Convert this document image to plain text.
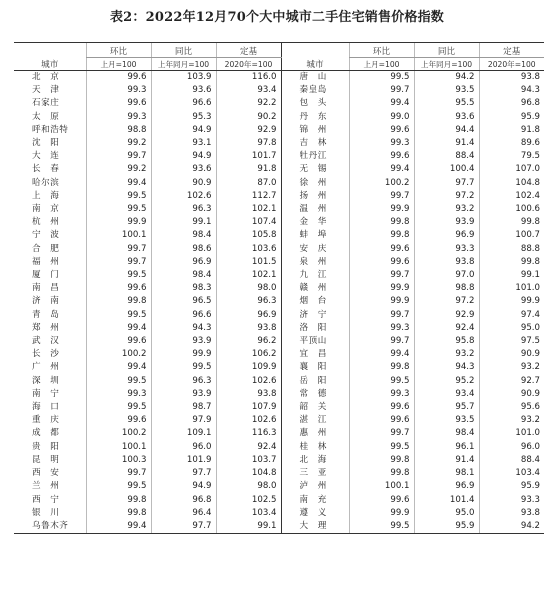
表2：2022年12月70个大中城市二手住宅销售价格指数
城市	环比	同比	定基	城市	环比	同比	定基
	上月=100	上年同月=100	2020年=100		上月=100	上年同月=100	2020年=100
北　京	99.6	103.9	116.0	唐　山	99.5	94.2	93.8
天　津	99.3	93.6	93.4	秦皇岛	99.7	93.5	94.3
石家庄	99.6	96.6	92.2	包　头	99.4	95.5	96.8
太　原	99.3	95.3	90.2	丹　东	99.0	93.6	95.9
呼和浩特	98.8	94.9	92.9	锦　州	99.6	94.4	91.8
沈　阳	99.2	93.1	97.8	吉　林	99.3	91.4	89.6
大　连	99.7	94.9	101.7	牡丹江	99.6	88.4	79.5
长　春	99.2	93.6	91.8	无　锡	99.4	100.4	107.0
哈尔滨	99.4	90.9	87.0	徐　州	100.2	97.7	104.8
上　海	99.5	102.6	112.7	扬　州	99.7	97.2	102.4
南　京	99.5	96.3	102.1	温　州	99.9	93.2	100.6
杭　州	99.9	99.1	107.4	金　华	99.8	93.9	99.8
宁　波	100.1	98.4	105.8	蚌　埠	99.8	96.9	100.7
合　肥	99.7	98.6	103.6	安　庆	99.6	93.3	88.8
福　州	99.7	96.9	101.5	泉　州	99.6	93.8	99.8
厦　门	99.5	98.4	102.1	九　江	99.7	97.0	99.1
南　昌	99.6	98.3	98.0	赣　州	99.9	98.8	101.0
济　南	99.8	96.5	96.3	烟　台	99.9	97.2	99.9
青　岛	99.5	96.6	96.9	济　宁	99.7	92.9	97.4
郑　州	99.4	94.3	93.8	洛　阳	99.3	92.4	95.0
武　汉	99.6	93.9	96.2	平顶山	99.7	95.8	97.5
长　沙	100.2	99.9	106.2	宜　昌	99.4	93.2	90.9
广　州	99.4	99.5	109.9	襄　阳	99.8	94.3	93.2
深　圳	99.5	96.3	102.6	岳　阳	99.5	95.2	92.7
南　宁	99.3	93.9	93.8	常　德	99.3	93.4	90.9
海　口	99.5	98.7	107.9	韶　关	99.6	95.7	95.6
重　庆	99.6	97.9	102.6	湛　江	99.6	93.5	93.2
成　都	100.2	109.1	116.3	惠　州	99.7	98.4	101.0
贵　阳	100.1	96.0	92.4	桂　林	99.5	96.1	96.0
昆　明	100.3	101.9	103.7	北　海	99.8	91.4	88.4
西　安	99.7	97.7	104.8	三　亚	99.8	98.1	103.4
兰　州	99.5	94.9	98.0	泸　州	100.1	96.9	95.9
西　宁	99.8	96.8	102.5	南　充	99.6	101.4	93.3
银　川	99.8	96.4	103.4	遵　义	99.9	95.0	93.8
乌鲁木齐	99.4	97.7	99.1	大　理	99.5	95.9	94.2
